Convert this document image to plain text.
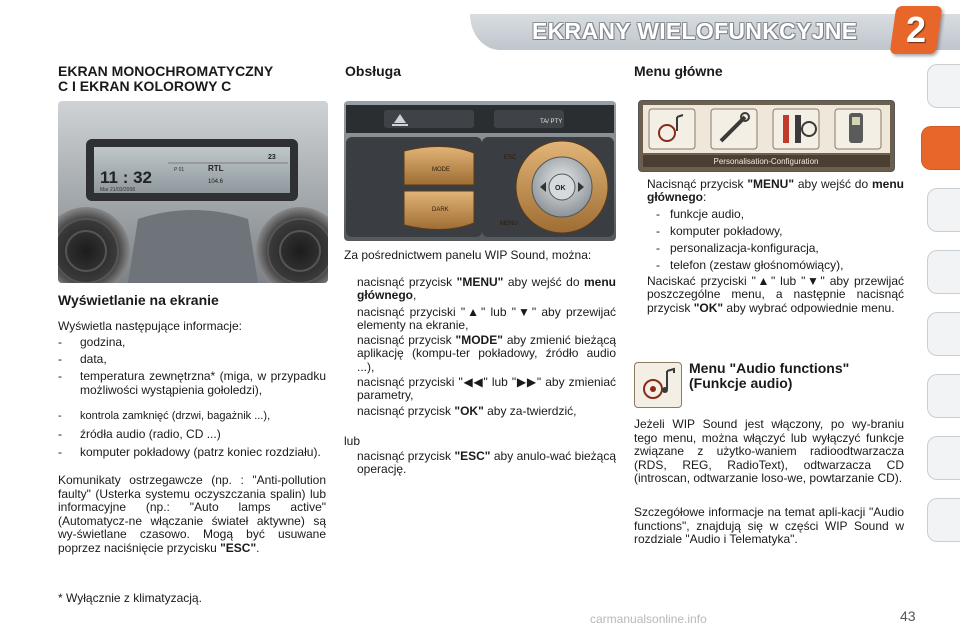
EKRANY WIELOFUNKCYJNE	2
EKRAN MONOCHROMATYCZNY
C I EKRAN KOLOROWY C
11 : 32
Mar 21/03/2008
P 01	RTL
104.6
23
Wyświetlanie na ekranie
Wyświetla następujące informacje:
- godzina,
- data,
- temperatura zewnętrzna* (miga, w przypadku możliwości wystąpienia gołoledzi),
- kontrola zamknięć (drzwi, bagażnik ...),
- źródła audio (radio, CD ...)
- komputer pokładowy (patrz koniec rozdziału).
Komunikaty ostrzegawcze (np. : "Anti-pollution faulty" (Usterka systemu oczyszczania spalin) lub informacyjne (np.: "Auto lamps active" (Automatycz-ne włączanie świateł aktywne) są wy-świetlane czasowo. Mogą być usuwane poprzez naciśnięcie przycisku "ESC".
* Wyłącznie z klimatyzacją.
Obsługa
TA/ PTY
MODE
DARK
OK
ESC
MENU
Za pośrednictwem panelu WIP Sound, można:
nacisnąć przycisk "MENU" aby wejść do menu głównego,
nacisnąć przyciski "▲" lub "▼" aby przewijać elementy na ekranie,
nacisnąć przycisk "MODE" aby zmienić bieżącą aplikację (kompu-ter pokładowy, źródło audio ...),
nacisnąć przyciski "◀◀" lub "▶▶" aby zmieniać parametry,
nacisnąć przycisk "OK" aby za-twierdzić,
lub
nacisnąć przycisk "ESC" aby anulo-wać bieżącą operację.
Menu główne
Personalisation-Configuration
Nacisnąć przycisk "MENU" aby wejść do menu głównego:
- funkcje audio,
- komputer pokładowy,
- personalizacja-konfiguracja,
- telefon (zestaw głośnomówiący),
Naciskać przyciski "▲" lub "▼" aby przewijać poszczególne menu, a następnie nacisnąć przycisk "OK" aby wybrać odpowiednie menu.
Menu "Audio functions"
(Funkcje audio)
Jeżeli WIP Sound jest włączony, po wy-braniu tego menu, można włączyć lub wyłączyć funkcje związane z użytko-waniem radioodtwarzacza (RDS, REG, RadioText), odtwarzacza CD (introscan, odtwarzanie loso-we, powtarzanie CD).
Szczegółowe informacje na temat apli-kacji "Audio functions", znajdują się w części WIP Sound w rozdziale "Audio i Telematyka".
carmanualsonline.info	43
